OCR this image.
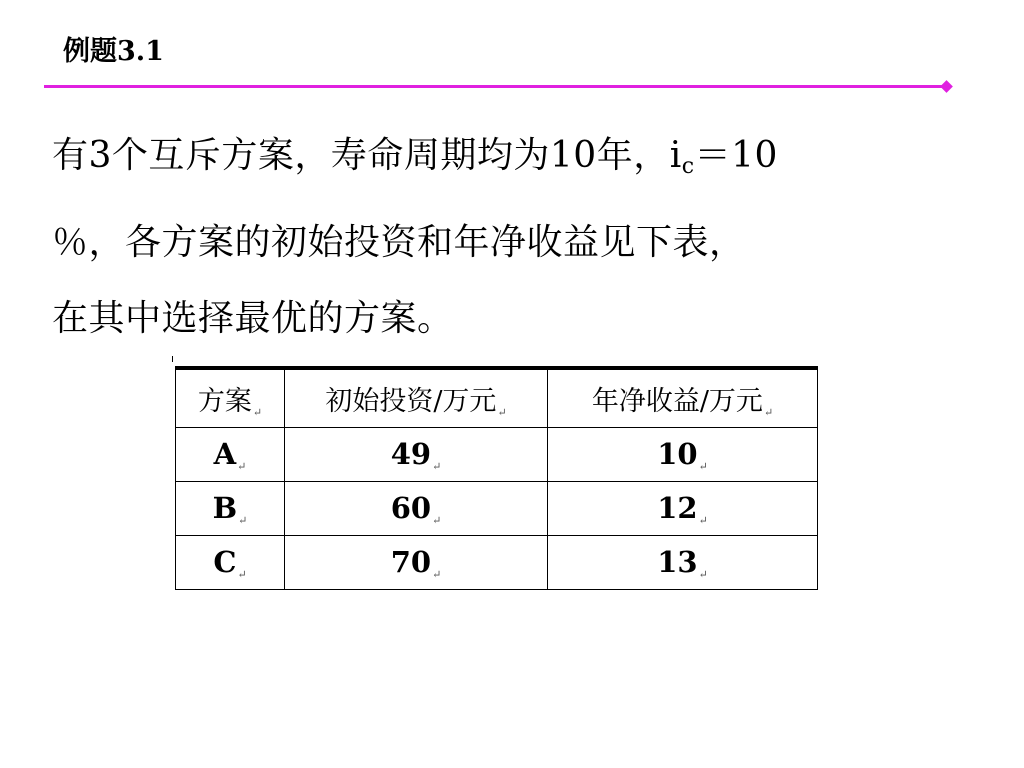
例题3.1

有3个互斥方案，寿命周期均为10年，ic＝10

％，各方案的初始投资和年净收益见下表，

在其中选择最优的方案。

方案$_↵$	初始投资/万元$_↵$	年净收益/万元$_↵$
$A_↵$	$49_↵$	$10_↵$
$B_↵$	$60_↵$	$12_↵$
$C_↵$	$70_↵$	$13_↵$
